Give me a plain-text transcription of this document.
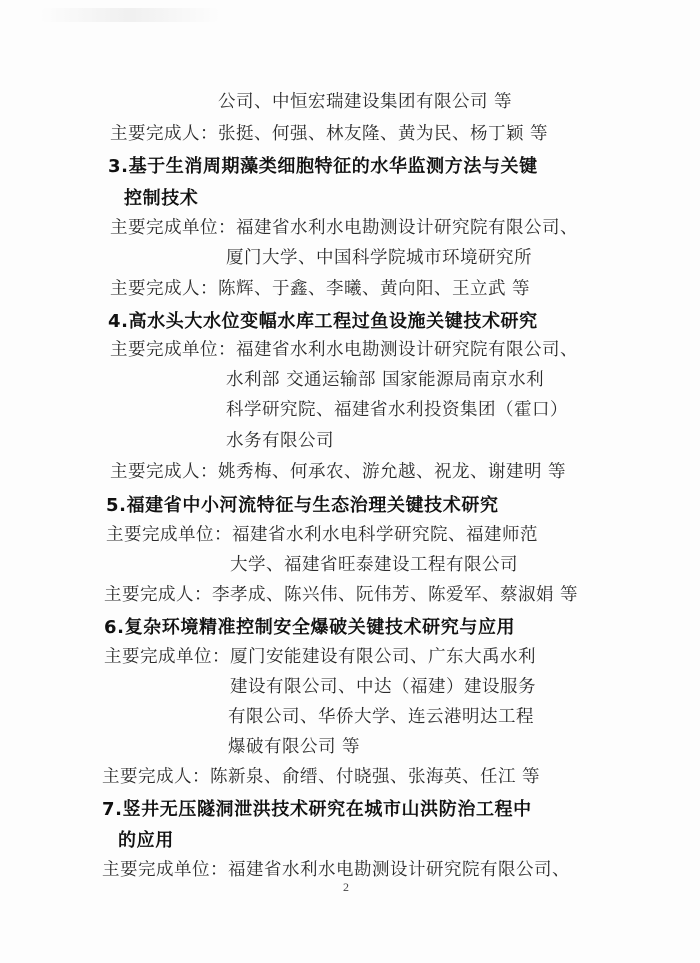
公司、中恒宏瑞建设集团有限公司 等
主要完成人：张挺、何强、林友隆、黄为民、杨丁颖 等
3.基于生消周期藻类细胞特征的水华监测方法与关键
控制技术
主要完成单位：福建省水利水电勘测设计研究院有限公司、
厦门大学、中国科学院城市环境研究所
主要完成人：陈辉、于鑫、李曦、黄向阳、王立武 等
4.高水头大水位变幅水库工程过鱼设施关键技术研究
主要完成单位：福建省水利水电勘测设计研究院有限公司、
水利部 交通运输部 国家能源局南京水利
科学研究院、福建省水利投资集团（霍口）
水务有限公司
主要完成人：姚秀梅、何承农、游允越、祝龙、谢建明 等
5.福建省中小河流特征与生态治理关键技术研究
主要完成单位：福建省水利水电科学研究院、福建师范
大学、福建省旺泰建设工程有限公司
主要完成人：李孝成、陈兴伟、阮伟芳、陈爱军、蔡淑娟 等
6.复杂环境精准控制安全爆破关键技术研究与应用
主要完成单位：厦门安能建设有限公司、广东大禹水利
建设有限公司、中达（福建）建设服务
有限公司、华侨大学、连云港明达工程
爆破有限公司 等
主要完成人：陈新泉、俞缙、付晓强、张海英、任江 等
7.竖井无压隧洞泄洪技术研究在城市山洪防治工程中
的应用
主要完成单位：福建省水利水电勘测设计研究院有限公司、
2
